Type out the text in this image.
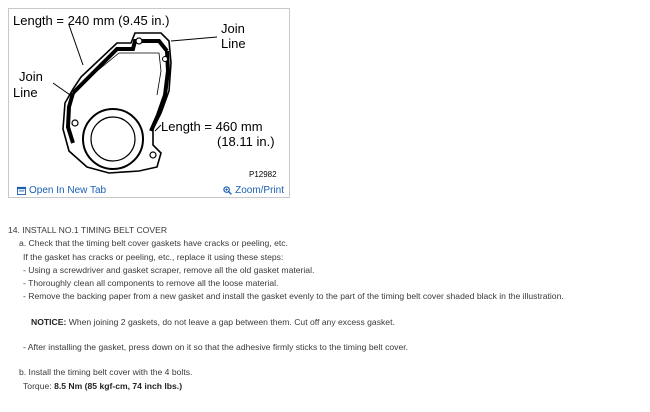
Length = 240 mm (9.45 in.)
Join
Line
Join
Line
Length = 460 mm
(18.11 in.)
P12982
Open In New Tab	Zoom/Print
14. INSTALL NO.1 TIMING BELT COVER
a. Check that the timing belt cover gaskets have cracks or peeling, etc.
If the gasket has cracks or peeling, etc., replace it using these steps:
- Using a screwdriver and gasket scraper, remove all the old gasket material.
- Thoroughly clean all components to remove all the loose material.
- Remove the backing paper from a new gasket and install the gasket evenly to the part of the timing belt cover shaded black in the illustration.
NOTICE: When joining 2 gaskets, do not leave a gap between them. Cut off any excess gasket.
- After installing the gasket, press down on it so that the adhesive firmly sticks to the timing belt cover.
b. Install the timing belt cover with the 4 bolts.
Torque: 8.5 Nm (85 kgf-cm, 74 inch lbs.)
